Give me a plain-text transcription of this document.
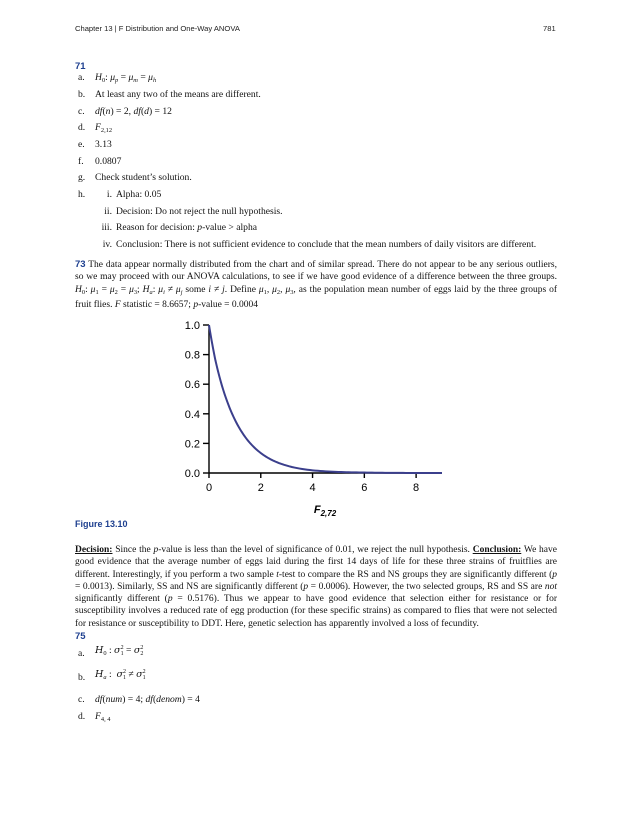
Chapter 13 | F Distribution and One-Way ANOVA	781
71
a. $H_0$: $\mu_p = \mu_m = \mu_h$
b. At least any two of the means are different.
c. df(n) = 2, df(d) = 12
d. $F_{2,12}$
e. 3.13
f. 0.0807
g. Check student’s solution.
h.	i. Alpha: 0.05
ii. Decision: Do not reject the null hypothesis.
iii. Reason for decision: p-value > alpha
iv. Conclusion: There is not sufficient evidence to conclude that the mean numbers of daily visitors are different.
73 The data appear normally distributed from the chart and of similar spread. There do not appear to be any serious outliers, so we may proceed with our ANOVA calculations, to see if we have good evidence of a difference between the three groups. $H_0$: $\mu_1 = \mu_2 = \mu_3$; $H_a$: $\mu_i \ne \mu_j$ some i ≠ j. Define $\mu_1$, $\mu_2$, $\mu_3$, as the population mean number of eggs laid by the three groups of fruit flies. F statistic = 8.6657; p-value = 0.0004
0.0
0.2
0.4
0.6
0.8
1.0
0	2	4	6	8
$F_{2,72}$
Figure 13.10
Decision: Since the p-value is less than the level of significance of 0.01, we reject the null hypothesis. Conclusion: We have good evidence that the average number of eggs laid during the first 14 days of life for these three strains of fruitflies are different. Interestingly, if you perform a two sample t-test to compare the RS and NS groups they are significantly different (p = 0.0013). Similarly, SS and NS are significantly different (p = 0.0006). However, the two selected groups, RS and SS are not significantly different (p = 0.5176). Thus we appear to have good evidence that selection either for resistance or for susceptibility involves a reduced rate of egg production (for these specific strains) as compared to flies that were not selected for resistance or susceptibility to DDT. Here, genetic selection has apparently involved a loss of fecundity.
75
a. $H_0$ : σ 2
1 = σ 2
2
b. $H_a$ :  σ 2
1 ≠ σ 2
1
c. df(num) = 4; df(denom) = 4
d. $F_{4, 4}$
